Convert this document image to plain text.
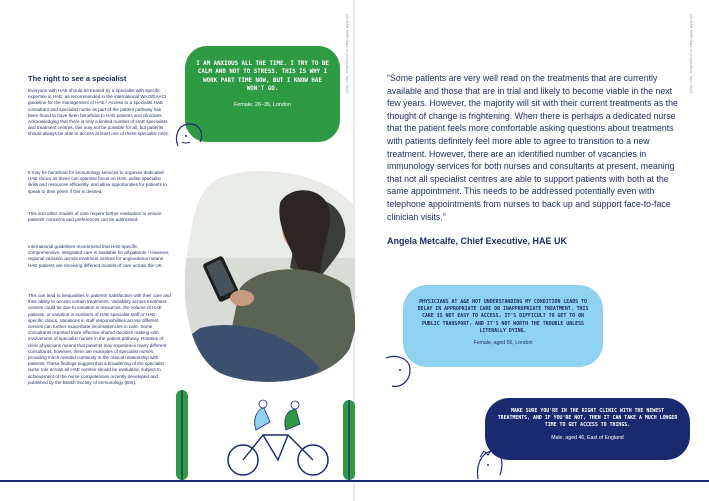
UK-HAE-0080 Date of preparation: April 2024
The right to see a specialist

Everyone with HAE should be treated by a specialist with specific expertise in HAE, as recommended in the international WAO/EAACI guideline for the management of HAE.¹ Access to a specialist HAE consultant and specialist nurse as part of the patient pathway has been found to have been beneficial to HAE patients and clinicians. Acknowledging that there is only a limited number of HAE specialists and treatment centres, this may not be possible for all, but patients should always be able to access at least one of these specialist roles.

It may be beneficial for immunology services to organise dedicated HAE clinics as these can optimise focus on HAE, utilise specialist skills and resources efficiently, and allow opportunities for patients to speak to their peers if this is desired.

This and other models of care require further evaluation to ensure patients' concerns and preferences can be addressed.

International guidelines recommend that HAE-specific, comprehensive, integrated care is available for all patients.¹ However, regional variation across treatment centres for angioedema means HAE patients are receiving different models of care across the UK.

This can lead to inequalities in patients' satisfaction with their care and their ability to access certain treatments. Variability across treatment centres could be due to variation in resources, the volume of HAE patients, or variation in numbers of HAE specialist staff or HAE-specific clinics. Variations in staff responsibilities across different centres can further exacerbate inconsistencies in care. Some consultants reported more effective shared decision making with involvement of specialist nurses in the patient pathway. Rotation of clinic physicians means that patients may experience many different consultants; however, there are examples of specialist nurses providing much needed continuity in the clinical relationship with patients. These findings suggest that a broadening of the specialist nurse role across all HAE centres should be evaluated, subject to achievement of the nurse competencies recently developed and published by the British Society of Immunology (BSI).

I AM ANXIOUS ALL THE TIME. I TRY TO BE CALM AND NOT TO STRESS. THIS IS WHY I WORK PART TIME NOW, BUT I KNOW HAE WON'T GO.

Female, 26–35, London

UK-HAE-0080 Date of preparation: April 2024

“Some patients are very well read on the treatments that are currently available and those that are in trial and likely to become viable in the next few years. However, the majority will sit with their current treatments as the thought of change is frightening. When there is perhaps a dedicated nurse that the patient feels more comfortable asking questions about treatments with patients definitely feel more able to agree to transition to a new treatment. However, there are an identified number of vacancies in immunology services for both nurses and consultants at present, meaning that not all specialist centres are able to support patients with both at the same appointment. This needs to be addressed potentially even with telephone appointments from nurses to back up and support face-to-face clinician visits.”

Angela Metcalfe, Chief Executive, HAE UK

PHYSICIANS AT A&E NOT UNDERSTANDING MY CONDITION LEADS TO DELAY IN APPROPRIATE CARE OR INAPPROPRIATE TREATMENT. THIS CARE IS NOT EASY TO ACCESS, IT'S DIFFICULT TO GET TO ON PUBLIC TRANSPORT, AND IT'S NOT WORTH THE TROUBLE UNLESS LITERALLY DYING.

Female, aged 56, London

MAKE SURE YOU'RE IN THE RIGHT CLINIC WITH THE NEWEST TREATMENTS, AND IF YOU'RE NOT, THEN IT CAN TAKE A MUCH LONGER TIME TO GET ACCESS TO THINGS.

Male, aged 46, East of England
